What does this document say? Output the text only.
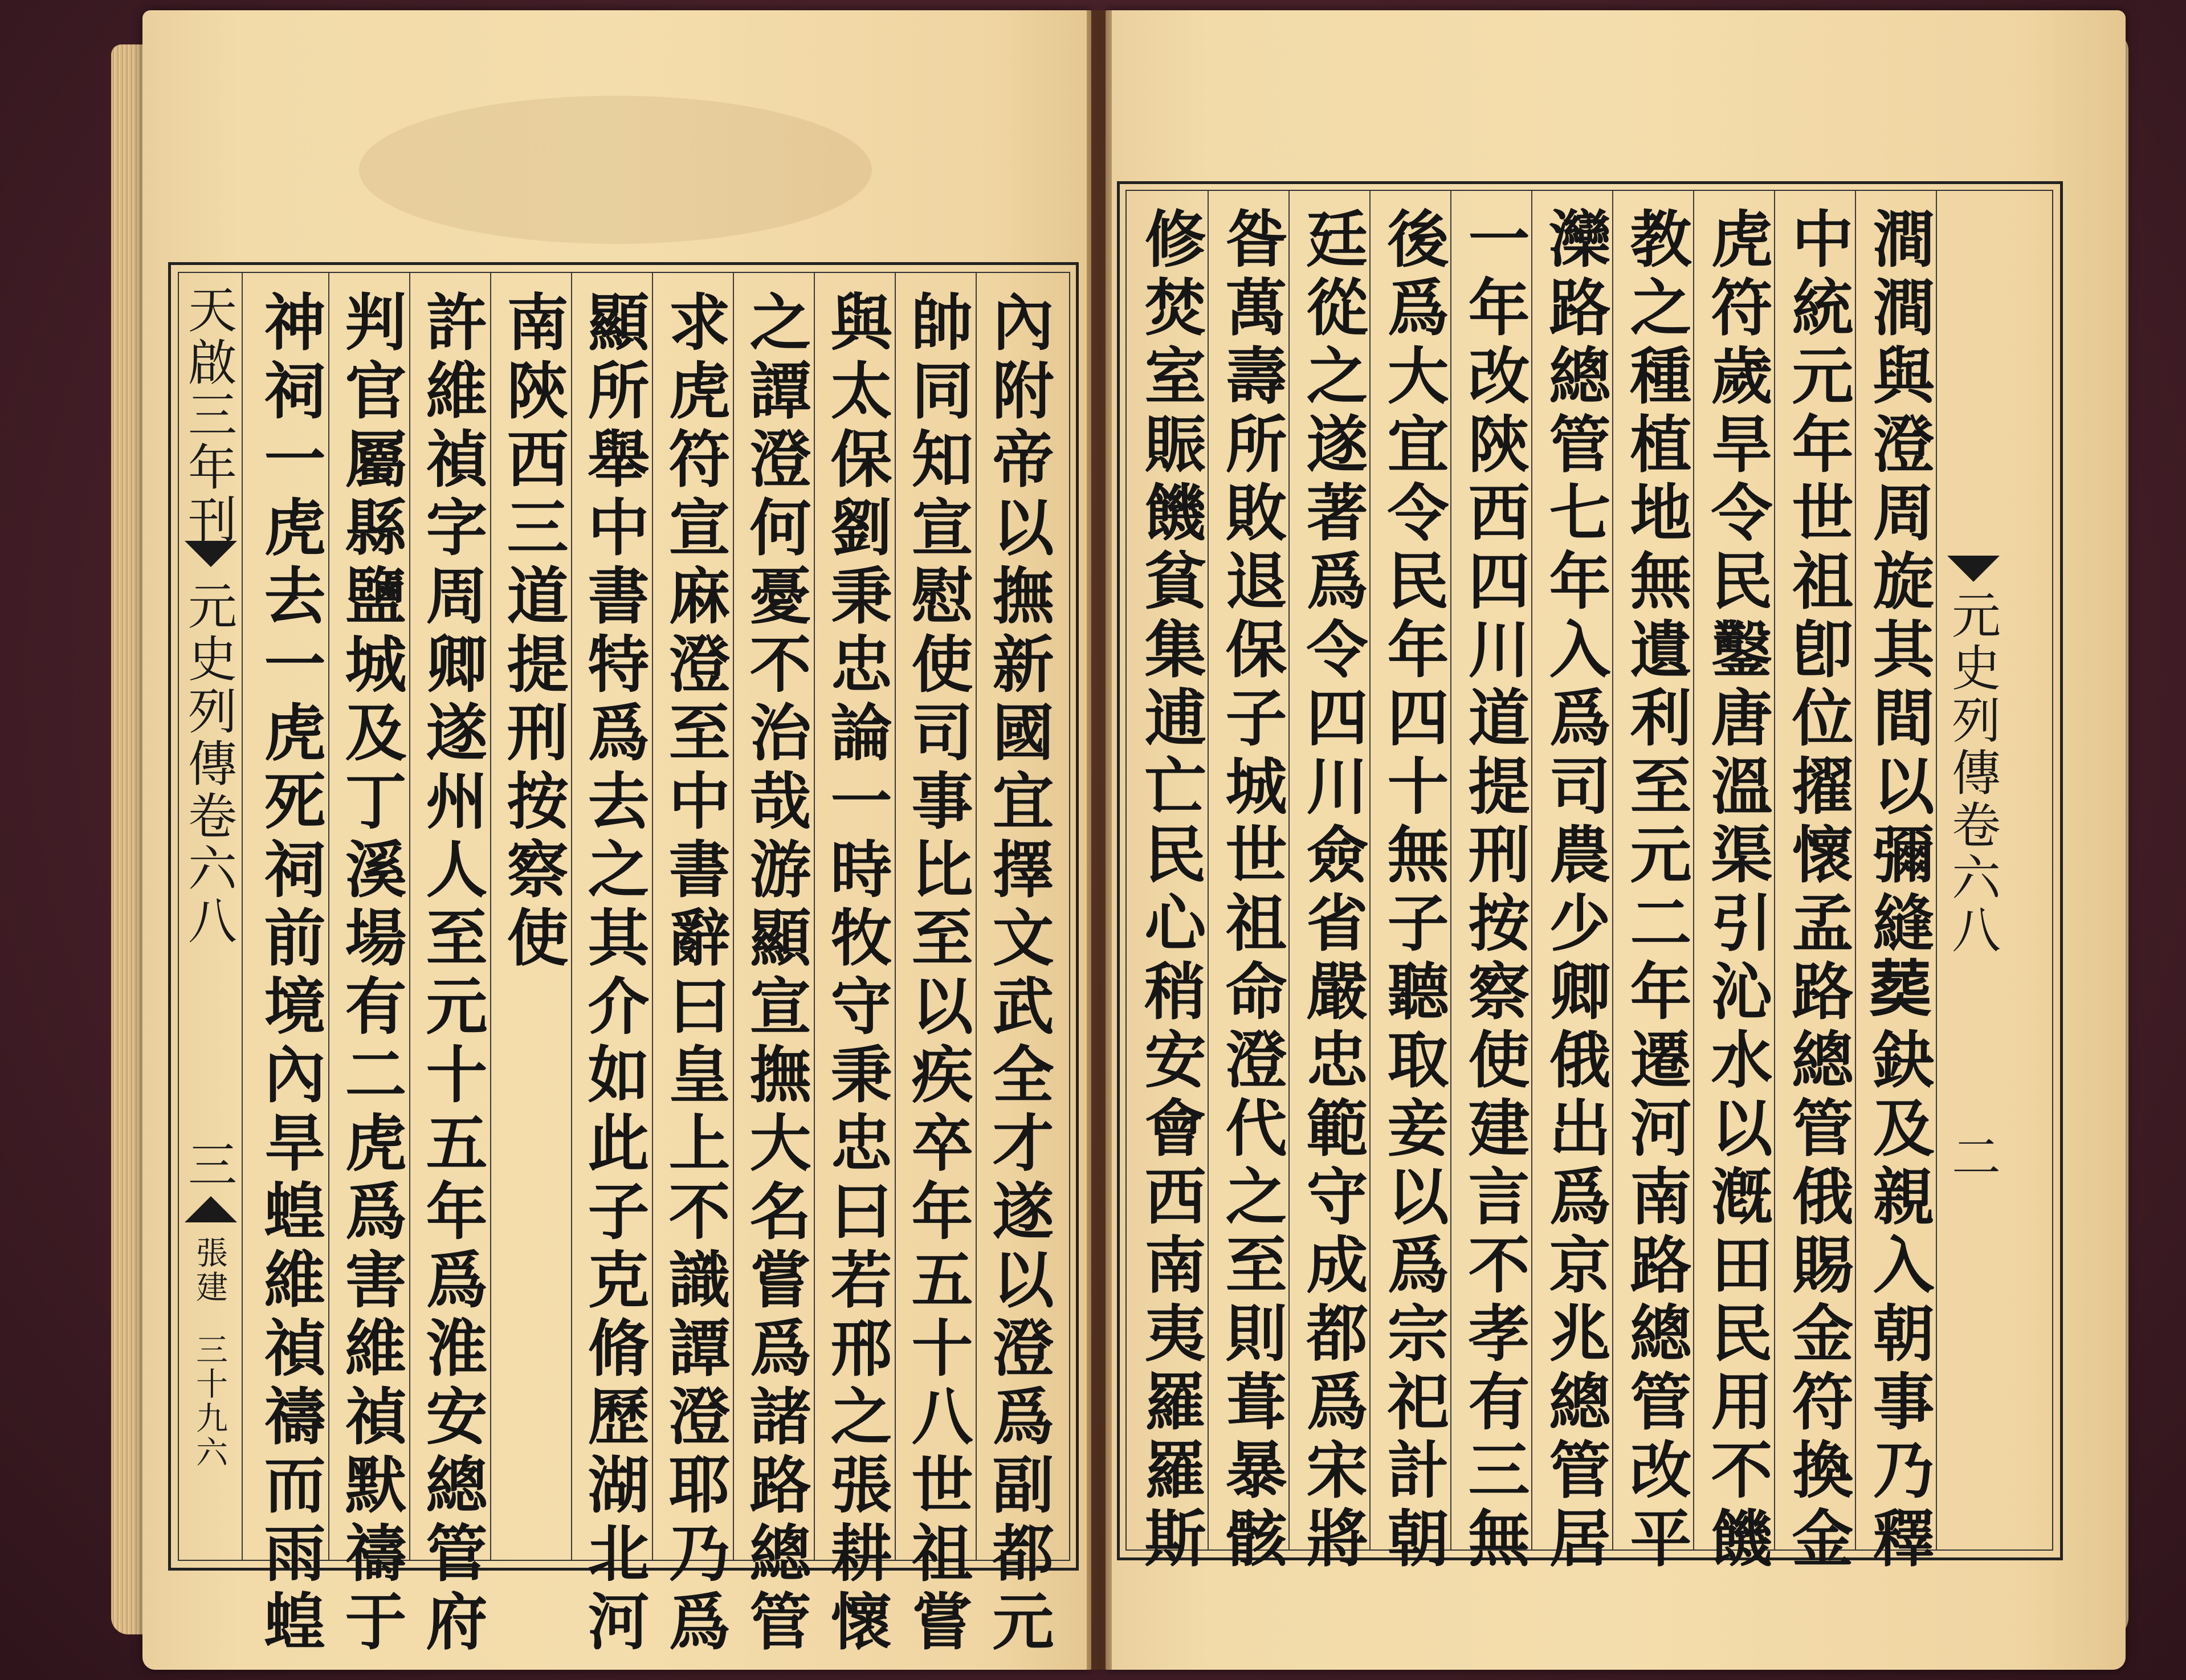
天啟三年刊
元史列傳卷六八
三
張建
三十九六	內附帝以撫新國宜擇文武全才遂以澄爲副都元
帥同知宣慰使司事比至以疾卒年五十八世祖嘗
與太保劉秉忠論一時牧守秉忠曰若邢之張耕懷
之譚澄何憂不治哉游顯宣撫大名嘗爲諸路總管
求虎符宣麻澄至中書辭曰皇上不識譚澄耶乃爲
顯所舉中書特爲去之其介如此子克脩歷湖北河
南陝西三道提刑按察使
許維禎字周卿遂州人至元十五年爲淮安總管府
判官屬縣鹽城及丁溪場有二虎爲害維禎默禱于
神祠一虎去一虎死祠前境內旱蝗維禎禱而雨蝗	澗澗與澄周旋其間以彌縫𦵏鈌及親入朝事乃釋
中統元年世祖卽位擢懷孟路總管俄賜金符換金
虎符歲旱令民鑿唐溫渠引沁水以漑田民用不饑
教之種植地無遺利至元二年遷河南路總管改平
灤路總管七年入爲司農少卿俄出爲京兆總管居
一年改陝西四川道提刑按察使建言不孝有三無
後爲大宜令民年四十無子聽取妾以爲宗祀計朝
廷從之遂著爲令四川僉省嚴忠範守成都爲宋將
昝萬壽所敗退保子城世祖命澄代之至則葺暴骸
修焚室賑饑貧集逋亡民心稍安會西南夷羅羅斯	元史列傳卷六八
二
